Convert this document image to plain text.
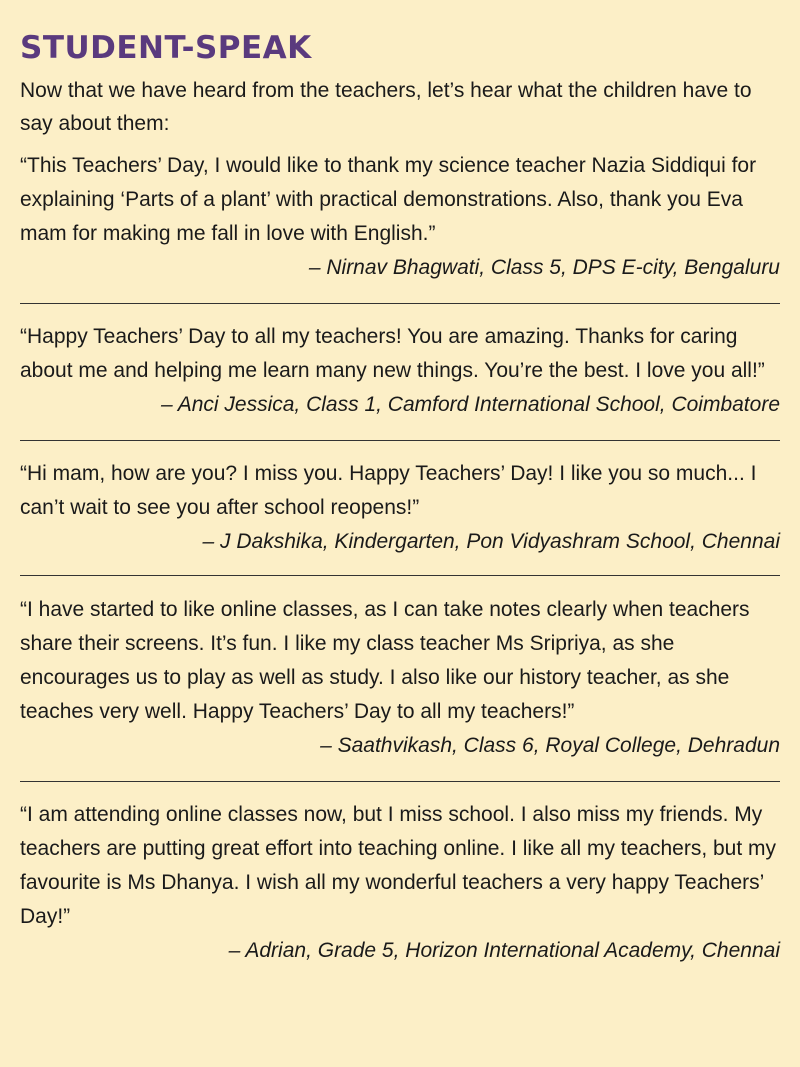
STUDENT-SPEAK

Now that we have heard from the teachers, let’s hear what the children have to say about them:

“This Teachers’ Day, I would like to thank my science teacher Nazia Siddiqui for explaining ‘Parts of a plant’ with practical demonstrations. Also, thank you Eva mam for making me fall in love with English.”

– Nirnav Bhagwati, Class 5, DPS E-city, Bengaluru

“Happy Teachers’ Day to all my teachers! You are amazing. Thanks for caring about me and helping me learn many new things. You’re the best. I love you all!”

– Anci Jessica, Class 1, Camford International School, Coimbatore

“Hi mam, how are you? I miss you. Happy Teachers’ Day! I like you so much... I can’t wait to see you after school reopens!”

– J Dakshika, Kindergarten, Pon Vidyashram School, Chennai

“I have started to like online classes, as I can take notes clearly when teachers share their screens. It’s fun. I like my class teacher Ms Sripriya, as she encourages us to play as well as study. I also like our history teacher, as she teaches very well. Happy Teachers’ Day to all my teachers!”

– Saathvikash, Class 6, Royal College, Dehradun

“I am attending online classes now, but I miss school. I also miss my friends. My teachers are putting great effort into teaching online. I like all my teachers, but my favourite is Ms Dhanya. I wish all my wonderful teachers a very happy Teachers’ Day!”

– Adrian, Grade 5, Horizon International Academy, Chennai
